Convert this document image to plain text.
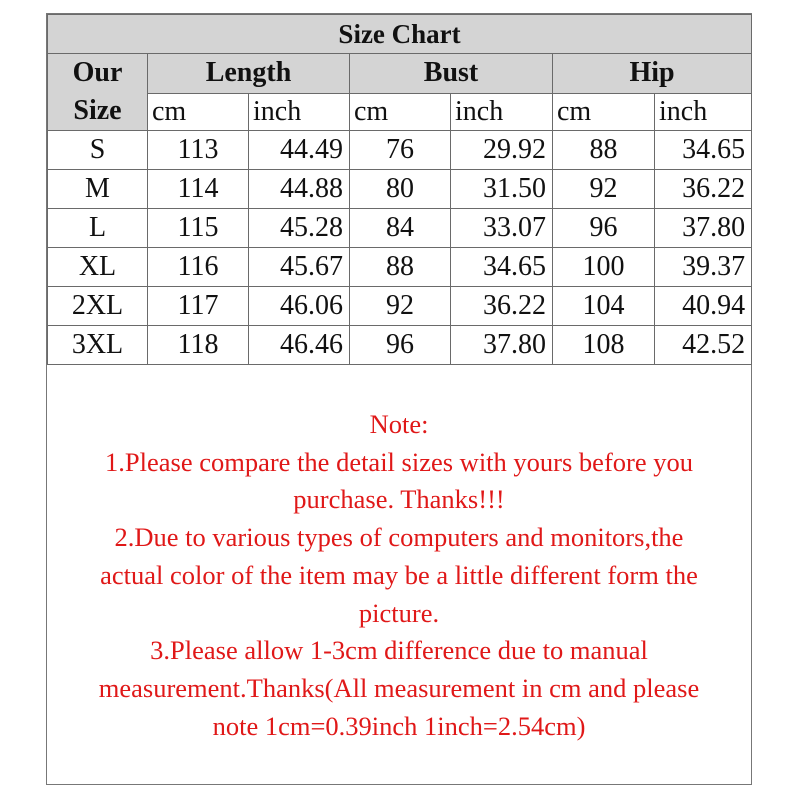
Size Chart						

Our
Size	Length		Bust		Hip	
	cm	inch	cm	inch	cm	inch
S	113	44.49	76	29.92	88	34.65
M	114	44.88	80	31.50	92	36.22
L	115	45.28	84	33.07	96	37.80
XL	116	45.67	88	34.65	100	39.37
2XL	117	46.06	92	36.22	104	40.94
3XL	118	46.46	96	37.80	108	42.52
Note:
1.Please compare the detail sizes with yours before you
purchase. Thanks!!!
2.Due to various types of computers and monitors,the
actual color of the item may be a little different form the
picture.
3.Please allow 1-3cm difference due to manual
measurement.Thanks(All measurement in cm and please
note 1cm=0.39inch 1inch=2.54cm)
